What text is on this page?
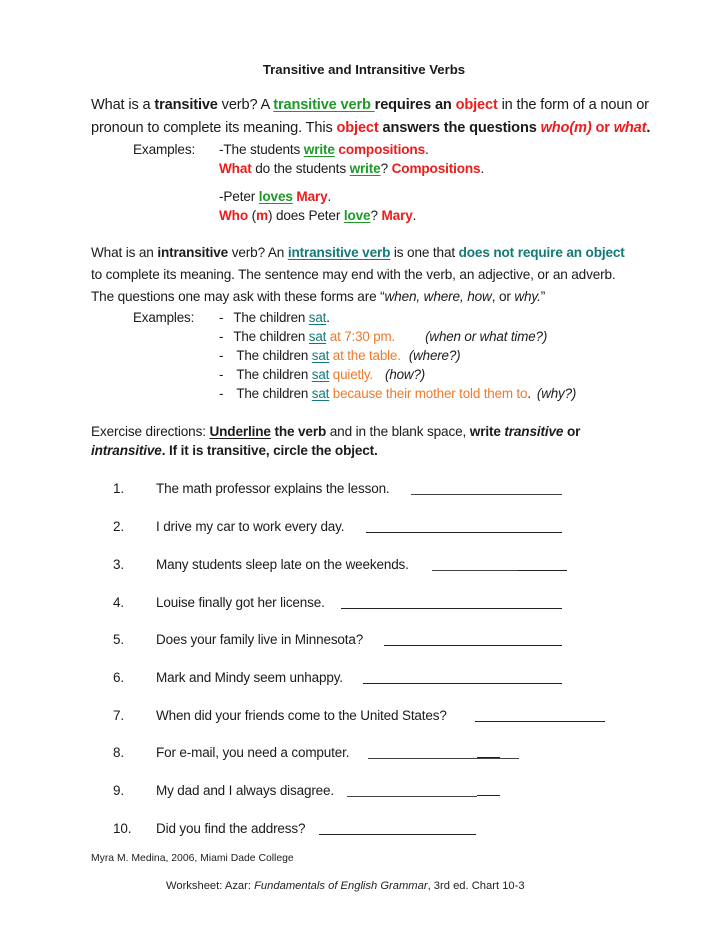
Transitive and Intransitive Verbs
What is a transitive verb? A transitive verb requires an object in the form of a noun or
pronoun to complete its meaning. This object answers the questions who(m) or what.
Examples: -The students write compositions.
What do the students write? Compositions.
-Peter loves Mary.
Who (m) does Peter love? Mary.
What is an intransitive verb? An intransitive verb is one that does not require an object
to complete its meaning. The sentence may end with the verb, an adjective, or an adverb.
The questions one may ask with these forms are “when, where, how, or why.”
Examples: - The children sat.
- The children sat at 7:30 pm. (when or what time?)
- The children sat at the table. (where?)
- The children sat quietly. (how?)
- The children sat because their mother told them to. (why?)
Exercise directions: Underline the verb and in the blank space, write transitive or
intransitive. If it is transitive, circle the object.
1. The math professor explains the lesson.
2. I drive my car to work every day.
3. Many students sleep late on the weekends.
4. Louise finally got her license.
5. Does your family live in Minnesota?
6. Mark and Mindy seem unhappy.
7. When did your friends come to the United States?
8. For e-mail, you need a computer.
9. My dad and I always disagree.
10. Did you find the address?
Myra M. Medina, 2006, Miami Dade College
Worksheet: Azar: Fundamentals of English Grammar, 3rd ed. Chart 10-3
